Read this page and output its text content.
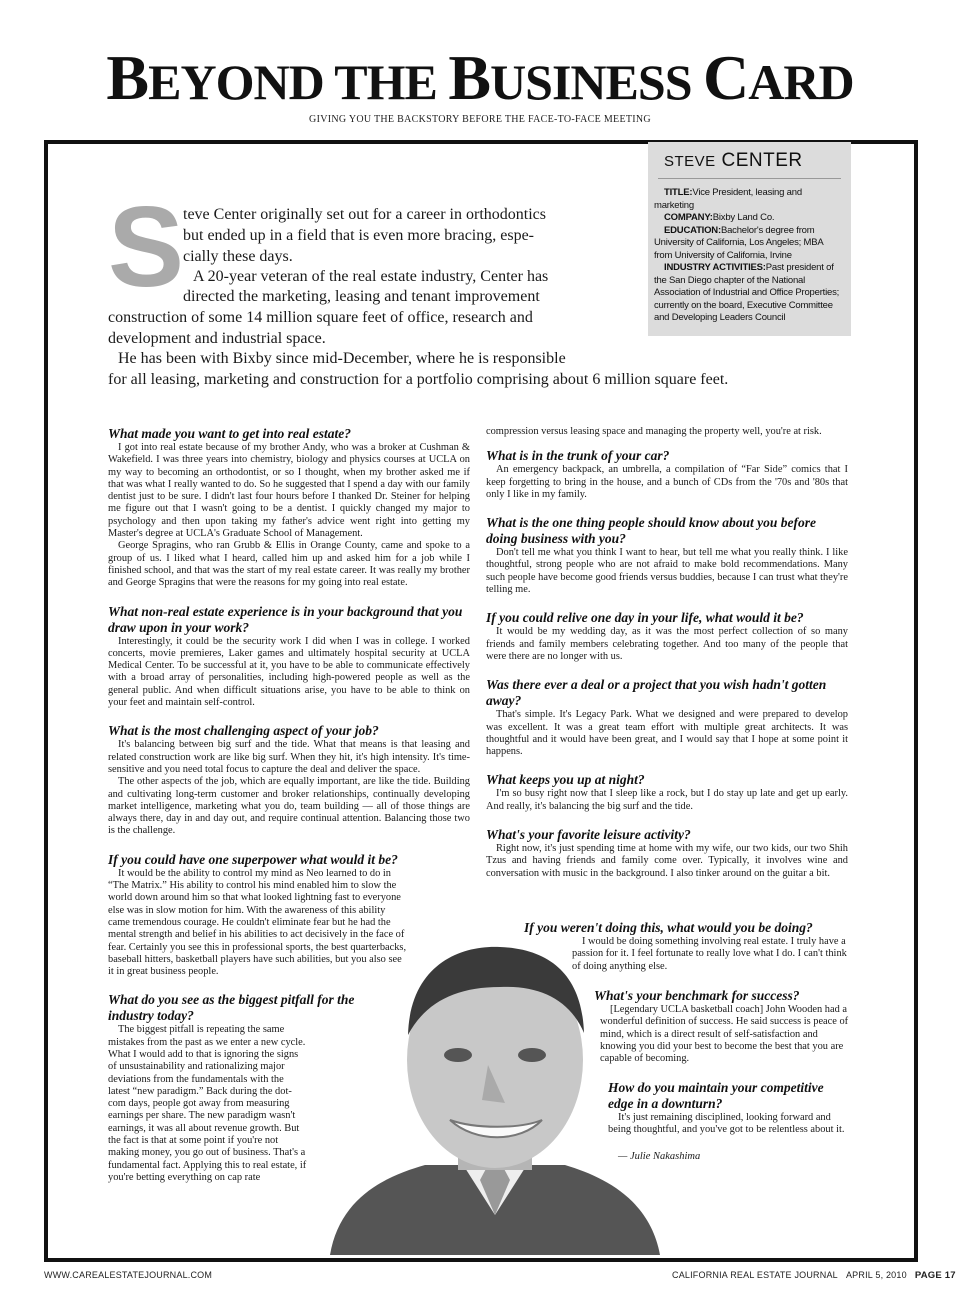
BEYOND THE BUSINESS CARD
GIVING YOU THE BACKSTORY BEFORE THE FACE-TO-FACE MEETING
STEVE CENTER

TITLE:Vice President, leasing and marketing

COMPANY:Bixby Land Co.

EDUCATION:Bachelor's degree from University of California, Los Angeles; MBA from University of California, Irvine

INDUSTRY ACTIVITIES:Past president of the San Diego chapter of the National Association of Industrial and Office Properties; currently on the board, Executive Committee and Developing Leaders Council

S
teve Center originally set out for a career in orthodontics
but ended up in a field that is even more bracing, espe-
cially these days.
A 20-year veteran of the real estate industry, Center has
directed the marketing, leasing and tenant improvement
construction of some 14 million square feet of office, research and
development and industrial space.
He has been with Bixby since mid-December, where he is responsible
for all leasing, marketing and construction for a portfolio comprising about 6 million square feet.
What made you want to get into real estate?

I got into real estate because of my brother Andy, who was a broker at Cushman & Wakefield. I was three years into chemistry, biology and physics courses at UCLA on my way to becoming an orthodontist, or so I thought, when my brother asked me if that was what I really wanted to do. So he suggested that I spend a day with our family dentist just to be sure. I didn't last four hours before I thanked Dr. Steiner for helping me figure out that I wasn't going to be a dentist. I quickly changed my major to psychology and then upon taking my father's advice went right into getting my Master's degree at UCLA's Graduate School of Management.

George Spragins, who ran Grubb & Ellis in Orange County, came and spoke to a group of us. I liked what I heard, called him up and asked him for a job while I finished school, and that was the start of my real estate career. It was really my brother and George Spragins that were the reasons for my going into real estate.

What non-real estate experience is in your background that you draw upon in your work?

Interestingly, it could be the security work I did when I was in college. I worked concerts, movie premieres, Laker games and ultimately hospital security at UCLA Medical Center. To be successful at it, you have to be able to communicate effectively with a broad array of personalities, including high-powered people as well as the general public. And when difficult situations arise, you have to be able to think on your feet and maintain self-control.

What is the most challenging aspect of your job?

It's balancing between big surf and the tide. What that means is that leasing and related construction work are like big surf. When they hit, it's high intensity. It's time-sensitive and you need total focus to capture the deal and deliver the space.

The other aspects of the job, which are equally important, are like the tide. Building and cultivating long-term customer and broker relationships, continually developing market intelligence, marketing what you do, team building — all of those things are always there, day in and day out, and require continual attention. Balancing those two is the challenge.

If you could have one superpower what would it be?

It would be the ability to control my mind as Neo learned to do in “The Matrix.” His ability to control his mind enabled him to slow the world down around him so that what looked lightning fast to everyone else was in slow motion for him. With the awareness of this ability came tremendous courage. He couldn't eliminate fear but he had the mental strength and belief in his abilities to act decisively in the face of fear. Certainly you see this in professional sports, the best quarterbacks, baseball hitters, basketball players have such abilities, but you also see it in great business people.

What do you see as the biggest pitfall for the industry today?

The biggest pitfall is repeating the same mistakes from the past as we enter a new cycle. What I would add to that is ignoring the signs of unsustainability and rationalizing major deviations from the fundamentals with the latest “new paradigm.” Back during the dot-com days, people got away from measuring earnings per share. The new paradigm wasn't earnings, it was all about revenue growth. But the fact is that at some point if you're not making money, you go out of business. That's a fundamental fact. Applying this to real estate, if you're betting everything on cap rate

compression versus leasing space and managing the property well, you're at risk.

What is in the trunk of your car?

An emergency backpack, an umbrella, a compilation of “Far Side” comics that I keep forgetting to bring in the house, and a bunch of CDs from the '70s and '80s that only I like in my family.

What is the one thing people should know about you before doing business with you?

Don't tell me what you think I want to hear, but tell me what you really think. I like thoughtful, strong people who are not afraid to make bold recommendations. Many such people have become good friends versus buddies, because I can trust what they're telling me.

If you could relive one day in your life, what would it be?

It would be my wedding day, as it was the most perfect collection of so many friends and family members celebrating together. And too many of the people that were there are no longer with us.

Was there ever a deal or a project that you wish hadn't gotten away?

That's simple. It's Legacy Park. What we designed and were prepared to develop was excellent. It was a great team effort with multiple great architects. It was thoughtful and it would have been great, and I would say that I hope at some point it happens.

What keeps you up at night?

I'm so busy right now that I sleep like a rock, but I do stay up late and get up early. And really, it's balancing the big surf and the tide.

What's your favorite leisure activity?

Right now, it's just spending time at home with my wife, our two kids, our two Shih Tzus and having friends and family come over. Typically, it involves wine and conversation with music in the background. I also tinker around on the guitar a bit.

If you weren't doing this, what would you be doing?

I would be doing something involving real estate. I truly have a passion for it. I feel fortunate to really love what I do. I can't think of doing anything else.

What's your benchmark for success?

[Legendary UCLA basketball coach] John Wooden had a wonderful definition of success. He said success is peace of mind, which is a direct result of self-satisfaction and knowing you did your best to become the best that you are capable of becoming.

How do you maintain your competitive edge in a downturn?

It's just remaining disciplined, looking forward and being thoughtful, and you've got to be relentless about it.

— Julie Nakashima

WWW.CAREALESTATEJOURNAL.COM	CALIFORNIA REAL ESTATE JOURNAL APRIL 5, 2010 PAGE 17
